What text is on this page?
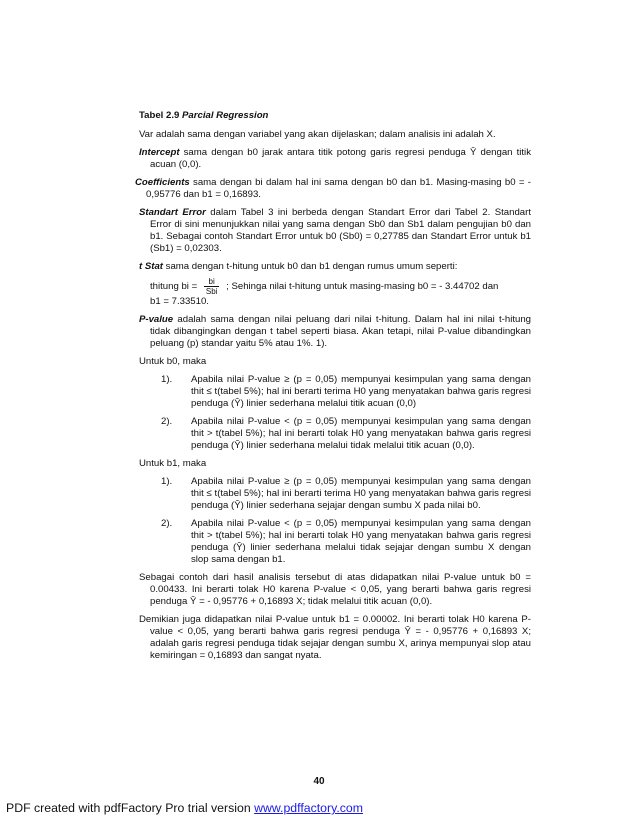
Tabel 2.9 Parcial Regression
Var adalah sama dengan variabel yang akan dijelaskan; dalam analisis ini adalah X.
Intercept sama dengan b0 jarak antara titik potong garis regresi penduga Ŷ dengan titik acuan (0,0).
Coefficients sama dengan bi dalam hal ini sama dengan b0 dan b1. Masing-masing b0 = - 0,95776 dan b1 = 0,16893.
Standart Error dalam Tabel 3 ini berbeda dengan Standart Error dari Tabel 2. Standart Error di sini menunjukkan nilai yang sama dengan Sb0 dan Sb1 dalam pengujian b0 dan b1. Sebagai contoh Standart Error untuk b0 (Sb0) = 0,27785 dan Standart Error untuk b1 (Sb1) = 0,02303.
t Stat sama dengan t-hitung untuk b0 dan b1 dengan rumus umum seperti:
thitung bi = $\frac{bi}{\text{Sbi}}$ ; Sehinga nilai t-hitung untuk masing-masing b0 = - 3.44702 dan
b1 = 7.33510.
P-value adalah sama dengan nilai peluang dari nilai t-hitung. Dalam hal ini nilai t-hitung tidak dibangingkan dengan t tabel seperti biasa. Akan tetapi, nilai P-value dibandingkan peluang (p) standar yaitu 5% atau 1%. 1).
Untuk b0, maka
1).	Apabila nilai P-value ≥ (p = 0,05) mempunyai kesimpulan yang sama dengan thit ≤ t(tabel 5%); hal ini berarti terima H0 yang menyatakan bahwa garis regresi penduga (Ŷ) linier sederhana melalui titik acuan (0,0)
2).	Apabila nilai P-value < (p = 0,05) mempunyai kesimpulan yang sama dengan thit > t(tabel 5%); hal ini berarti tolak H0 yang menyatakan bahwa garis regresi penduga (Ŷ) linier sederhana melalui tidak melalui titik acuan (0,0).
Untuk b1, maka
1).	Apabila nilai P-value ≥ (p = 0,05) mempunyai kesimpulan yang sama dengan thit ≤ t(tabel 5%); hal ini berarti terima H0 yang menyatakan bahwa garis regresi penduga (Ŷ) linier sederhana sejajar dengan sumbu X pada nilai b0.
2).	Apabila nilai P-value < (p = 0,05) mempunyai kesimpulan yang sama dengan thit > t(tabel 5%); hal ini berarti tolak H0 yang menyatakan bahwa garis regresi penduga (Ŷ) linier sederhana melalui tidak sejajar dengan sumbu X dengan slop sama dengan b1.
Sebagai contoh dari hasil analisis tersebut di atas didapatkan nilai P-value untuk b0 = 0.00433. Ini berarti tolak H0 karena P-value < 0,05, yang berarti bahwa garis regresi penduga Ŷ = - 0,95776 + 0,16893 X; tidak melalui titik acuan (0,0).
Demikian juga didapatkan nilai P-value untuk b1 = 0.00002. Ini berarti tolak H0 karena P-value < 0,05, yang berarti bahwa garis regresi penduga Ŷ = - 0,95776 + 0,16893 X; adalah garis regresi penduga tidak sejajar dengan sumbu X, arinya mempunyai slop atau kemiringan = 0,16893 dan sangat nyata.
40
PDF created with pdfFactory Pro trial version www.pdffactory.com
